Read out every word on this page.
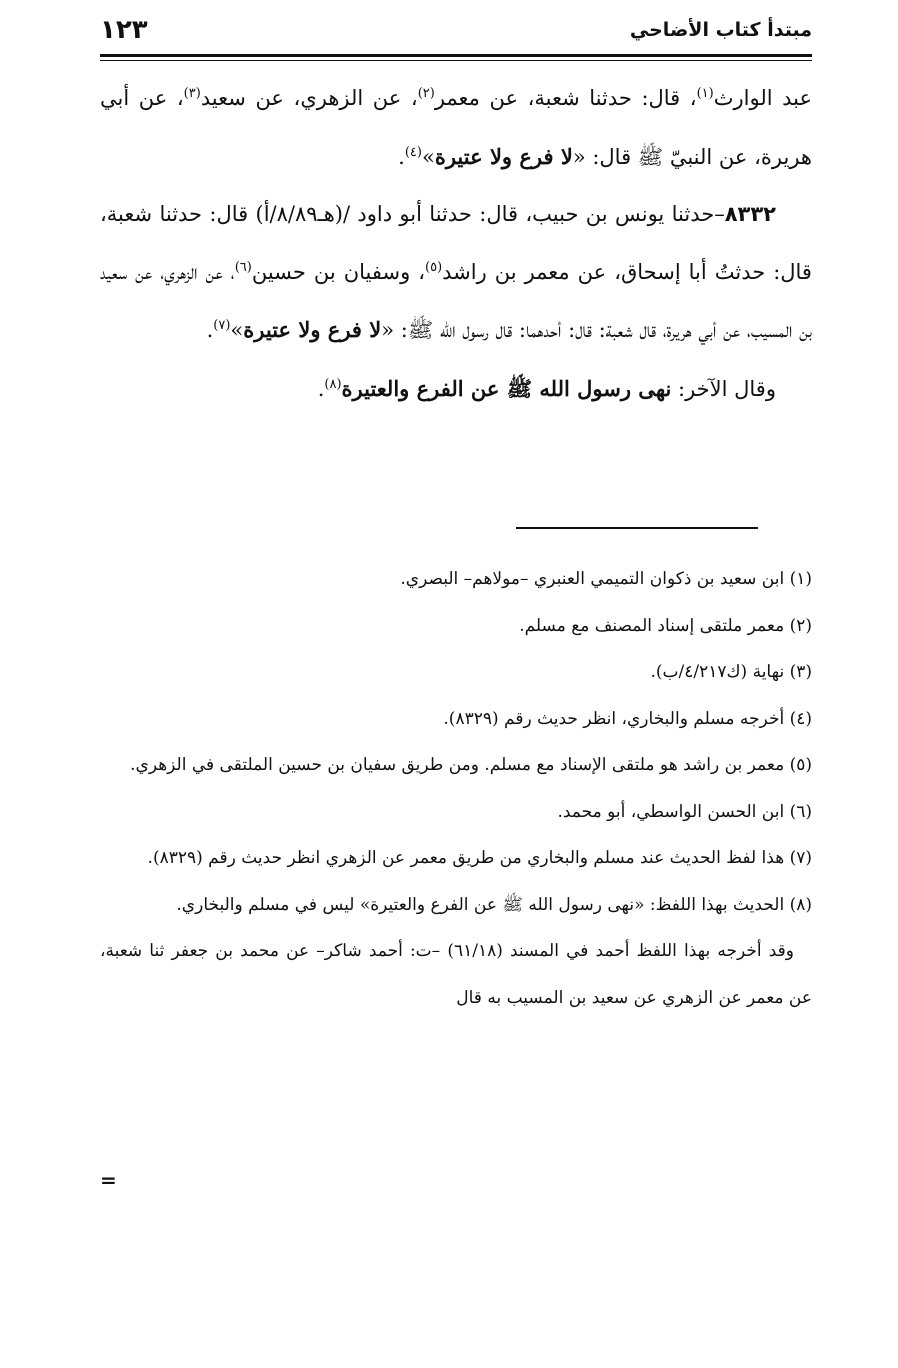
١٢٣	مبتدأ كتاب الأضاحي

عبد الوارث$^{(١)}$، قال: حدثنا شعبة، عن معمر$^{(٢)}$، عن الزهري، عن سعيد$^{(٣)}$، عن أبي هريرة، عن النبيّ ﷺ قال: «لا فرع ولا عتيرة»$^{(٤)}$.

٨٣٣٢–حدثنا يونس بن حبيب، قال: حدثنا أبو داود /(هـ٨/٨٩/أ) قال: حدثنا شعبة، قال: حدثتُ أبا إسحاق، عن معمر بن راشد$^{(٥)}$، وسفيان بن حسين$^{(٦)}$، عن الزهري، عن سعيد بن المسيب، عن أبي هريرة، قال شعبة: قال: أحدهما: قال رسول الله ﷺ: «لا فرع ولا عتيرة»$^{(٧)}$.

وقال الآخر: نهى رسول الله ﷺ عن الفرع والعتيرة$^{(٨)}$.

(١) ابن سعيد بن ذكوان التميمي العنبري –مولاهم– البصري.

(٢) معمر ملتقى إسناد المصنف مع مسلم.

(٣) نهاية (ك٤/٢١٧/ب).

(٤) أخرجه مسلم والبخاري، انظر حديث رقم (٨٣٢٩).

(٥) معمر بن راشد هو ملتقى الإسناد مع مسلم. ومن طريق سفيان بن حسين الملتقى في الزهري.

(٦) ابن الحسن الواسطي، أبو محمد.

(٧) هذا لفظ الحديث عند مسلم والبخاري من طريق معمر عن الزهري انظر حديث رقم (٨٣٢٩).

(٨) الحديث بهذا اللفظ: «نهى رسول الله ﷺ عن الفرع والعتيرة» ليس في مسلم والبخاري.

وقد أخرجه بهذا اللفظ أحمد في المسند (٦١/١٨) –ت: أحمد شاكر– عن محمد بن جعفر ثنا شعبة، عن معمر عن الزهري عن سعيد بن المسيب به قال

=
